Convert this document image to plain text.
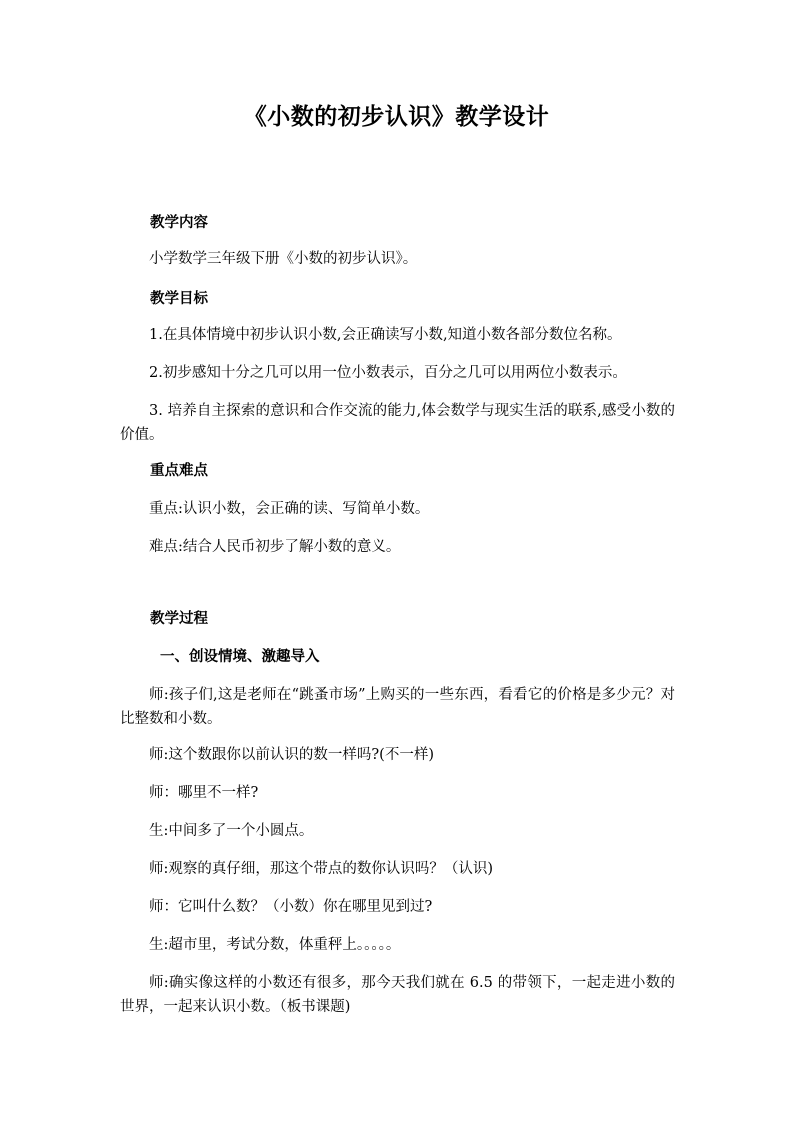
《小数的初步认识》教学设计
教学内容
小学数学三年级下册《小数的初步认识》。
教学目标
1.在具体情境中初步认识小数,会正确读写小数,知道小数各部分数位名称。
2.初步感知十分之几可以用一位小数表示，百分之几可以用两位小数表示。
3. 培养自主探索的意识和合作交流的能力,体会数学与现实生活的联系,感受小数的价值。
重点难点
重点:认识小数，会正确的读、写简单小数。
难点:结合人民币初步了解小数的意义。
教学过程
一、创设情境、激趣导入
师:孩子们,这是老师在“跳蚤市场”上购买的一些东西，看看它的价格是多少元？对比整数和小数。
师:这个数跟你以前认识的数一样吗?(不一样)
师：哪里不一样?
生:中间多了一个小圆点。
师:观察的真仔细，那这个带点的数你认识吗？（认识)
师：它叫什么数？（小数）你在哪里见到过?
生:超市里，考试分数，体重秤上。。。。。
师:确实像这样的小数还有很多，那今天我们就在 6.5 的带领下，一起走进小数的世界，一起来认识小数。（板书课题)
